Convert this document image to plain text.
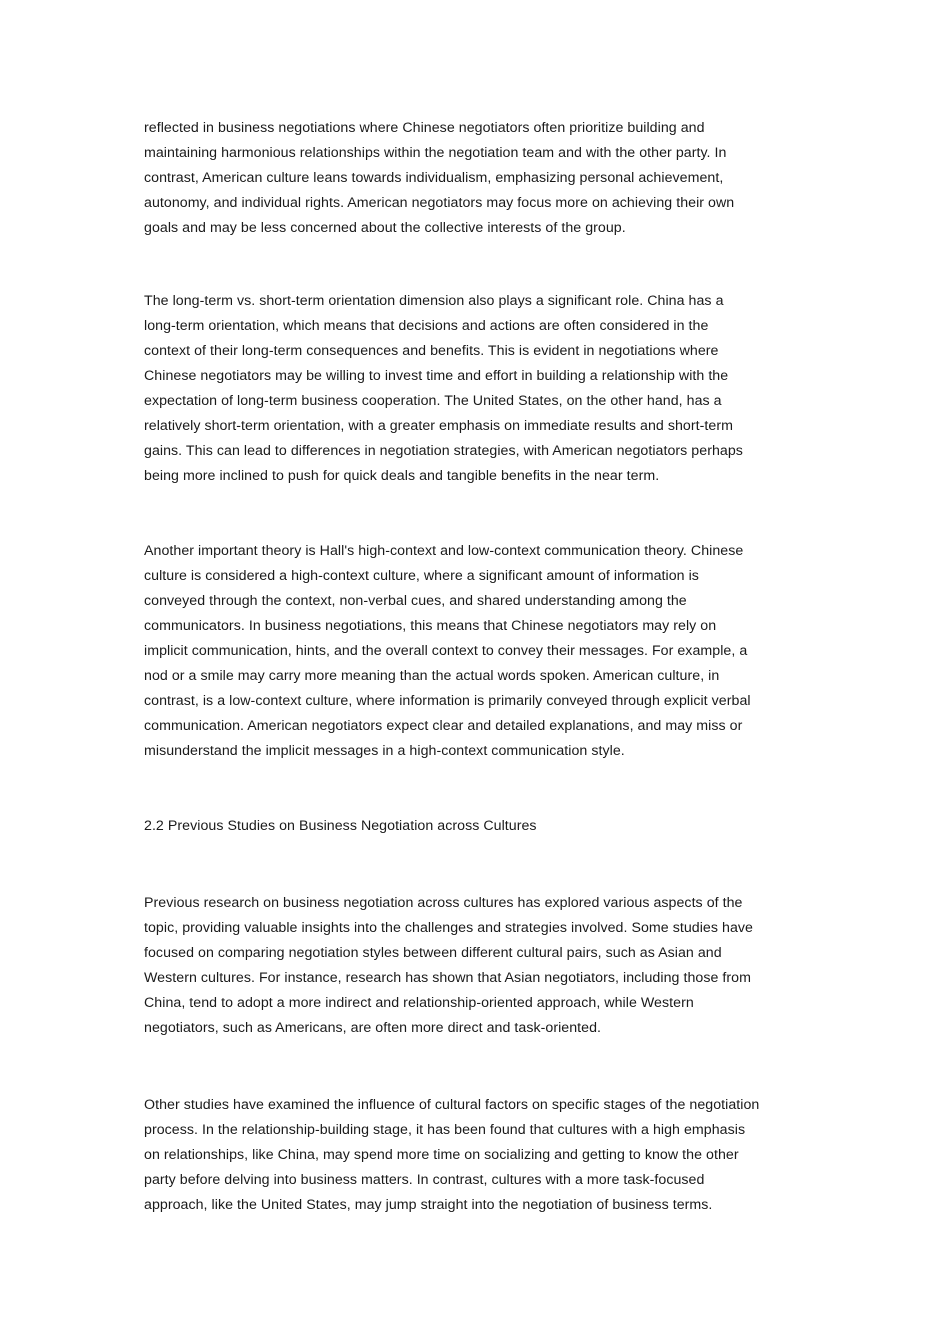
reflected in business negotiations where Chinese negotiators often prioritize building and
maintaining harmonious relationships within the negotiation team and with the other party. In
contrast, American culture leans towards individualism, emphasizing personal achievement,
autonomy, and individual rights. American negotiators may focus more on achieving their own
goals and may be less concerned about the collective interests of the group.

The long-term vs. short-term orientation dimension also plays a significant role. China has a
long-term orientation, which means that decisions and actions are often considered in the
context of their long-term consequences and benefits. This is evident in negotiations where
Chinese negotiators may be willing to invest time and effort in building a relationship with the
expectation of long-term business cooperation. The United States, on the other hand, has a
relatively short-term orientation, with a greater emphasis on immediate results and short-term
gains. This can lead to differences in negotiation strategies, with American negotiators perhaps
being more inclined to push for quick deals and tangible benefits in the near term.

Another important theory is Hall's high-context and low-context communication theory. Chinese
culture is considered a high-context culture, where a significant amount of information is
conveyed through the context, non-verbal cues, and shared understanding among the
communicators. In business negotiations, this means that Chinese negotiators may rely on
implicit communication, hints, and the overall context to convey their messages. For example, a
nod or a smile may carry more meaning than the actual words spoken. American culture, in
contrast, is a low-context culture, where information is primarily conveyed through explicit verbal
communication. American negotiators expect clear and detailed explanations, and may miss or
misunderstand the implicit messages in a high-context communication style.

2.2 Previous Studies on Business Negotiation across Cultures

Previous research on business negotiation across cultures has explored various aspects of the
topic, providing valuable insights into the challenges and strategies involved. Some studies have
focused on comparing negotiation styles between different cultural pairs, such as Asian and
Western cultures. For instance, research has shown that Asian negotiators, including those from
China, tend to adopt a more indirect and relationship-oriented approach, while Western
negotiators, such as Americans, are often more direct and task-oriented.

Other studies have examined the influence of cultural factors on specific stages of the negotiation
process. In the relationship-building stage, it has been found that cultures with a high emphasis
on relationships, like China, may spend more time on socializing and getting to know the other
party before delving into business matters. In contrast, cultures with a more task-focused
approach, like the United States, may jump straight into the negotiation of business terms.
